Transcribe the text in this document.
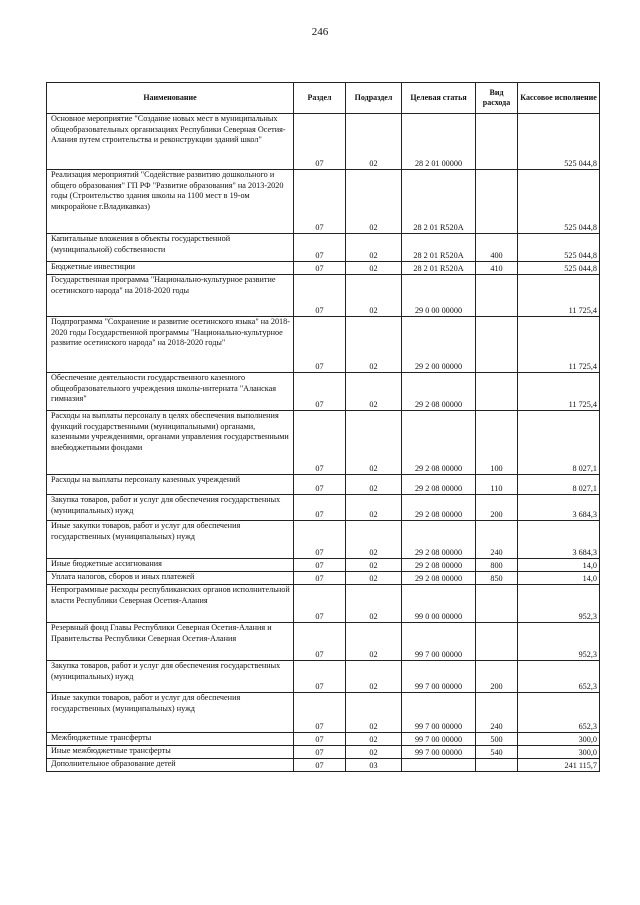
246
Наименование	Раздел	Подраздел	Целевая статья	Вид расхода	Кассовое исполнение
Основное мероприятие "Создание новых мест в муниципальных общеобразовательных организациях Республики Северная Осетия-Алания путем строительства и реконструкции зданий школ"	07	02	28 2 01 00000		525 044,8
Реализация мероприятий "Содействие развитию дошкольного и общего образования" ГП РФ "Развитие образования" на 2013-2020 годы (Строительство здания школы на 1100 мест в 19-ом микрорайоне г.Владикавказ)	07	02	28 2 01 R520A		525 044,8
Капитальные вложения в объекты государственной (муниципальной) собственности	07	02	28 2 01 R520A	400	525 044,8
Бюджетные инвестиции	07	02	28 2 01 R520A	410	525 044,8
Государственная программа "Национально-культурное развитие осетинского народа" на 2018-2020 годы	07	02	29 0 00 00000		11 725,4
Подпрограмма "Сохранение и развитие осетинского языка" на 2018-2020 годы Государственной программы "Национально-культурное развитие осетинского народа" на 2018-2020 годы"	07	02	29 2 00 00000		11 725,4
Обеспечение деятельности государственного казенного общеобразовательного учреждения школы-интерната "Аланская гимназия"	07	02	29 2 08 00000		11 725,4
Расходы на выплаты персоналу в целях обеспечения выполнения функций государственными (муниципальными) органами, казенными учреждениями, органами управления государственными внебюджетными фондами	07	02	29 2 08 00000	100	8 027,1
Расходы на выплаты персоналу казенных учреждений	07	02	29 2 08 00000	110	8 027,1
Закупка товаров, работ и услуг для обеспечения государственных (муниципальных) нужд	07	02	29 2 08 00000	200	3 684,3
Иные закупки товаров, работ и услуг для обеспечения государственных (муниципальных) нужд	07	02	29 2 08 00000	240	3 684,3
Иные бюджетные ассигнования	07	02	29 2 08 00000	800	14,0
Уплата налогов, сборов и иных платежей	07	02	29 2 08 00000	850	14,0
Непрограммные расходы республиканских органов исполнительной власти Республики Северная Осетия-Алания	07	02	99 0 00 00000		952,3
Резервный фонд Главы Республики Северная Осетия-Алания и Правительства Республики Северная Осетия-Алания	07	02	99 7 00 00000		952,3
Закупка товаров, работ и услуг для обеспечения государственных (муниципальных) нужд	07	02	99 7 00 00000	200	652,3
Иные закупки товаров, работ и услуг для обеспечения государственных (муниципальных) нужд	07	02	99 7 00 00000	240	652,3
Межбюджетные трансферты	07	02	99 7 00 00000	500	300,0
Иные межбюджетные трансферты	07	02	99 7 00 00000	540	300,0
Дополнительное образование детей	07	03			241 115,7
